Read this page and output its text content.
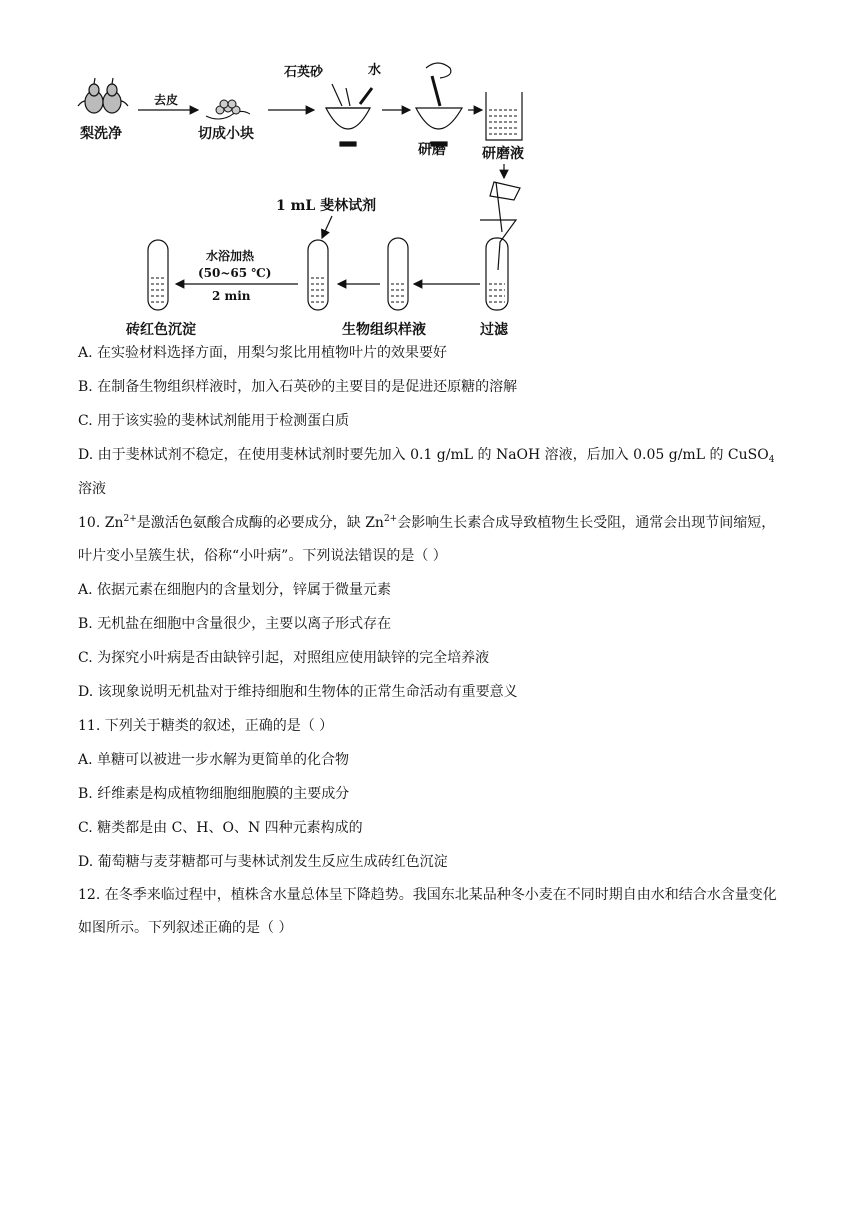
梨洗净
去皮
切成小块
石英砂	水
研磨	研磨液
过滤
生物组织样液
1 mL 斐林试剂
水浴加热
(50~65 ℃)
2 min
砖红色沉淀
A. 在实验材料选择方面，用梨匀浆比用植物叶片的效果要好
B. 在制备生物组织样液时，加入石英砂的主要目的是促进还原糖的溶解
C. 用于该实验的斐林试剂能用于检测蛋白质
D. 由于斐林试剂不稳定，在使用斐林试剂时要先加入 0.1 g/mL 的 NaOH 溶液，后加入 0.05 g/mL 的 CuSO$_4$
溶液
10. $Zn^{2+}$是激活色氨酸合成酶的必要成分，缺 $Zn^{2+}$会影响生长素合成导致植物生长受阻，通常会出现节间缩短，叶片变小呈簇生状，俗称“小叶病”。下列说法错误的是（ ）
A. 依据元素在细胞内的含量划分，锌属于微量元素
B. 无机盐在细胞中含量很少，主要以离子形式存在
C. 为探究小叶病是否由缺锌引起，对照组应使用缺锌的完全培养液
D. 该现象说明无机盐对于维持细胞和生物体的正常生命活动有重要意义
11. 下列关于糖类的叙述，正确的是（ ）
A. 单糖可以被进一步水解为更简单的化合物
B. 纤维素是构成植物细胞细胞膜的主要成分
C. 糖类都是由 C、H、O、N 四种元素构成的
D. 葡萄糖与麦芽糖都可与斐林试剂发生反应生成砖红色沉淀
12. 在冬季来临过程中，植株含水量总体呈下降趋势。我国东北某品种冬小麦在不同时期自由水和结合水含量变化如图所示。下列叙述正确的是（ ）
